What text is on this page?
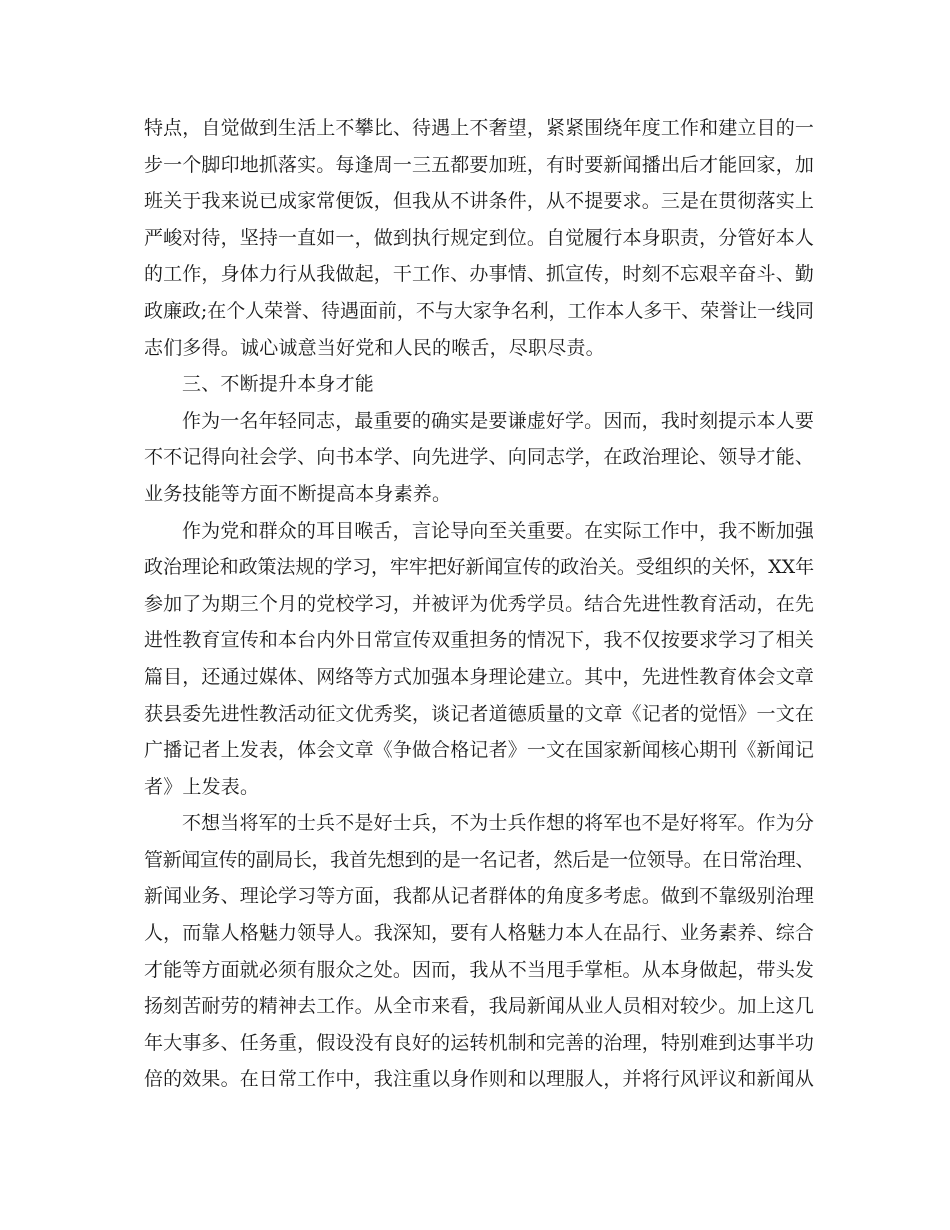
特点，自觉做到生活上不攀比、待遇上不奢望，紧紧围绕年度工作和建立目的一
步一个脚印地抓落实。每逢周一三五都要加班，有时要新闻播出后才能回家，加
班关于我来说已成家常便饭，但我从不讲条件，从不提要求。三是在贯彻落实上
严峻对待，坚持一直如一，做到执行规定到位。自觉履行本身职责，分管好本人
的工作，身体力行从我做起，干工作、办事情、抓宣传，时刻不忘艰辛奋斗、勤
政廉政;在个人荣誉、待遇面前，不与大家争名利，工作本人多干、荣誉让一线同
志们多得。诚心诚意当好党和人民的喉舌，尽职尽责。
三、不断提升本身才能
作为一名年轻同志，最重要的确实是要谦虚好学。因而，我时刻提示本人要
不不记得向社会学、向书本学、向先进学、向同志学，在政治理论、领导才能、
业务技能等方面不断提高本身素养。
作为党和群众的耳目喉舌，言论导向至关重要。在实际工作中，我不断加强
政治理论和政策法规的学习，牢牢把好新闻宣传的政治关。受组织的关怀，XX年
参加了为期三个月的党校学习，并被评为优秀学员。结合先进性教育活动，在先
进性教育宣传和本台内外日常宣传双重担务的情况下，我不仅按要求学习了相关
篇目，还通过媒体、网络等方式加强本身理论建立。其中，先进性教育体会文章
获县委先进性教活动征文优秀奖，谈记者道德质量的文章《记者的觉悟》一文在
广播记者上发表，体会文章《争做合格记者》一文在国家新闻核心期刊《新闻记
者》上发表。
不想当将军的士兵不是好士兵，不为士兵作想的将军也不是好将军。作为分
管新闻宣传的副局长，我首先想到的是一名记者，然后是一位领导。在日常治理、
新闻业务、理论学习等方面，我都从记者群体的角度多考虑。做到不靠级别治理
人，而靠人格魅力领导人。我深知，要有人格魅力本人在品行、业务素养、综合
才能等方面就必须有服众之处。因而，我从不当甩手掌柜。从本身做起，带头发
扬刻苦耐劳的精神去工作。从全市来看，我局新闻从业人员相对较少。加上这几
年大事多、任务重，假设没有良好的运转机制和完善的治理，特别难到达事半功
倍的效果。在日常工作中，我注重以身作则和以理服人，并将行风评议和新闻从
